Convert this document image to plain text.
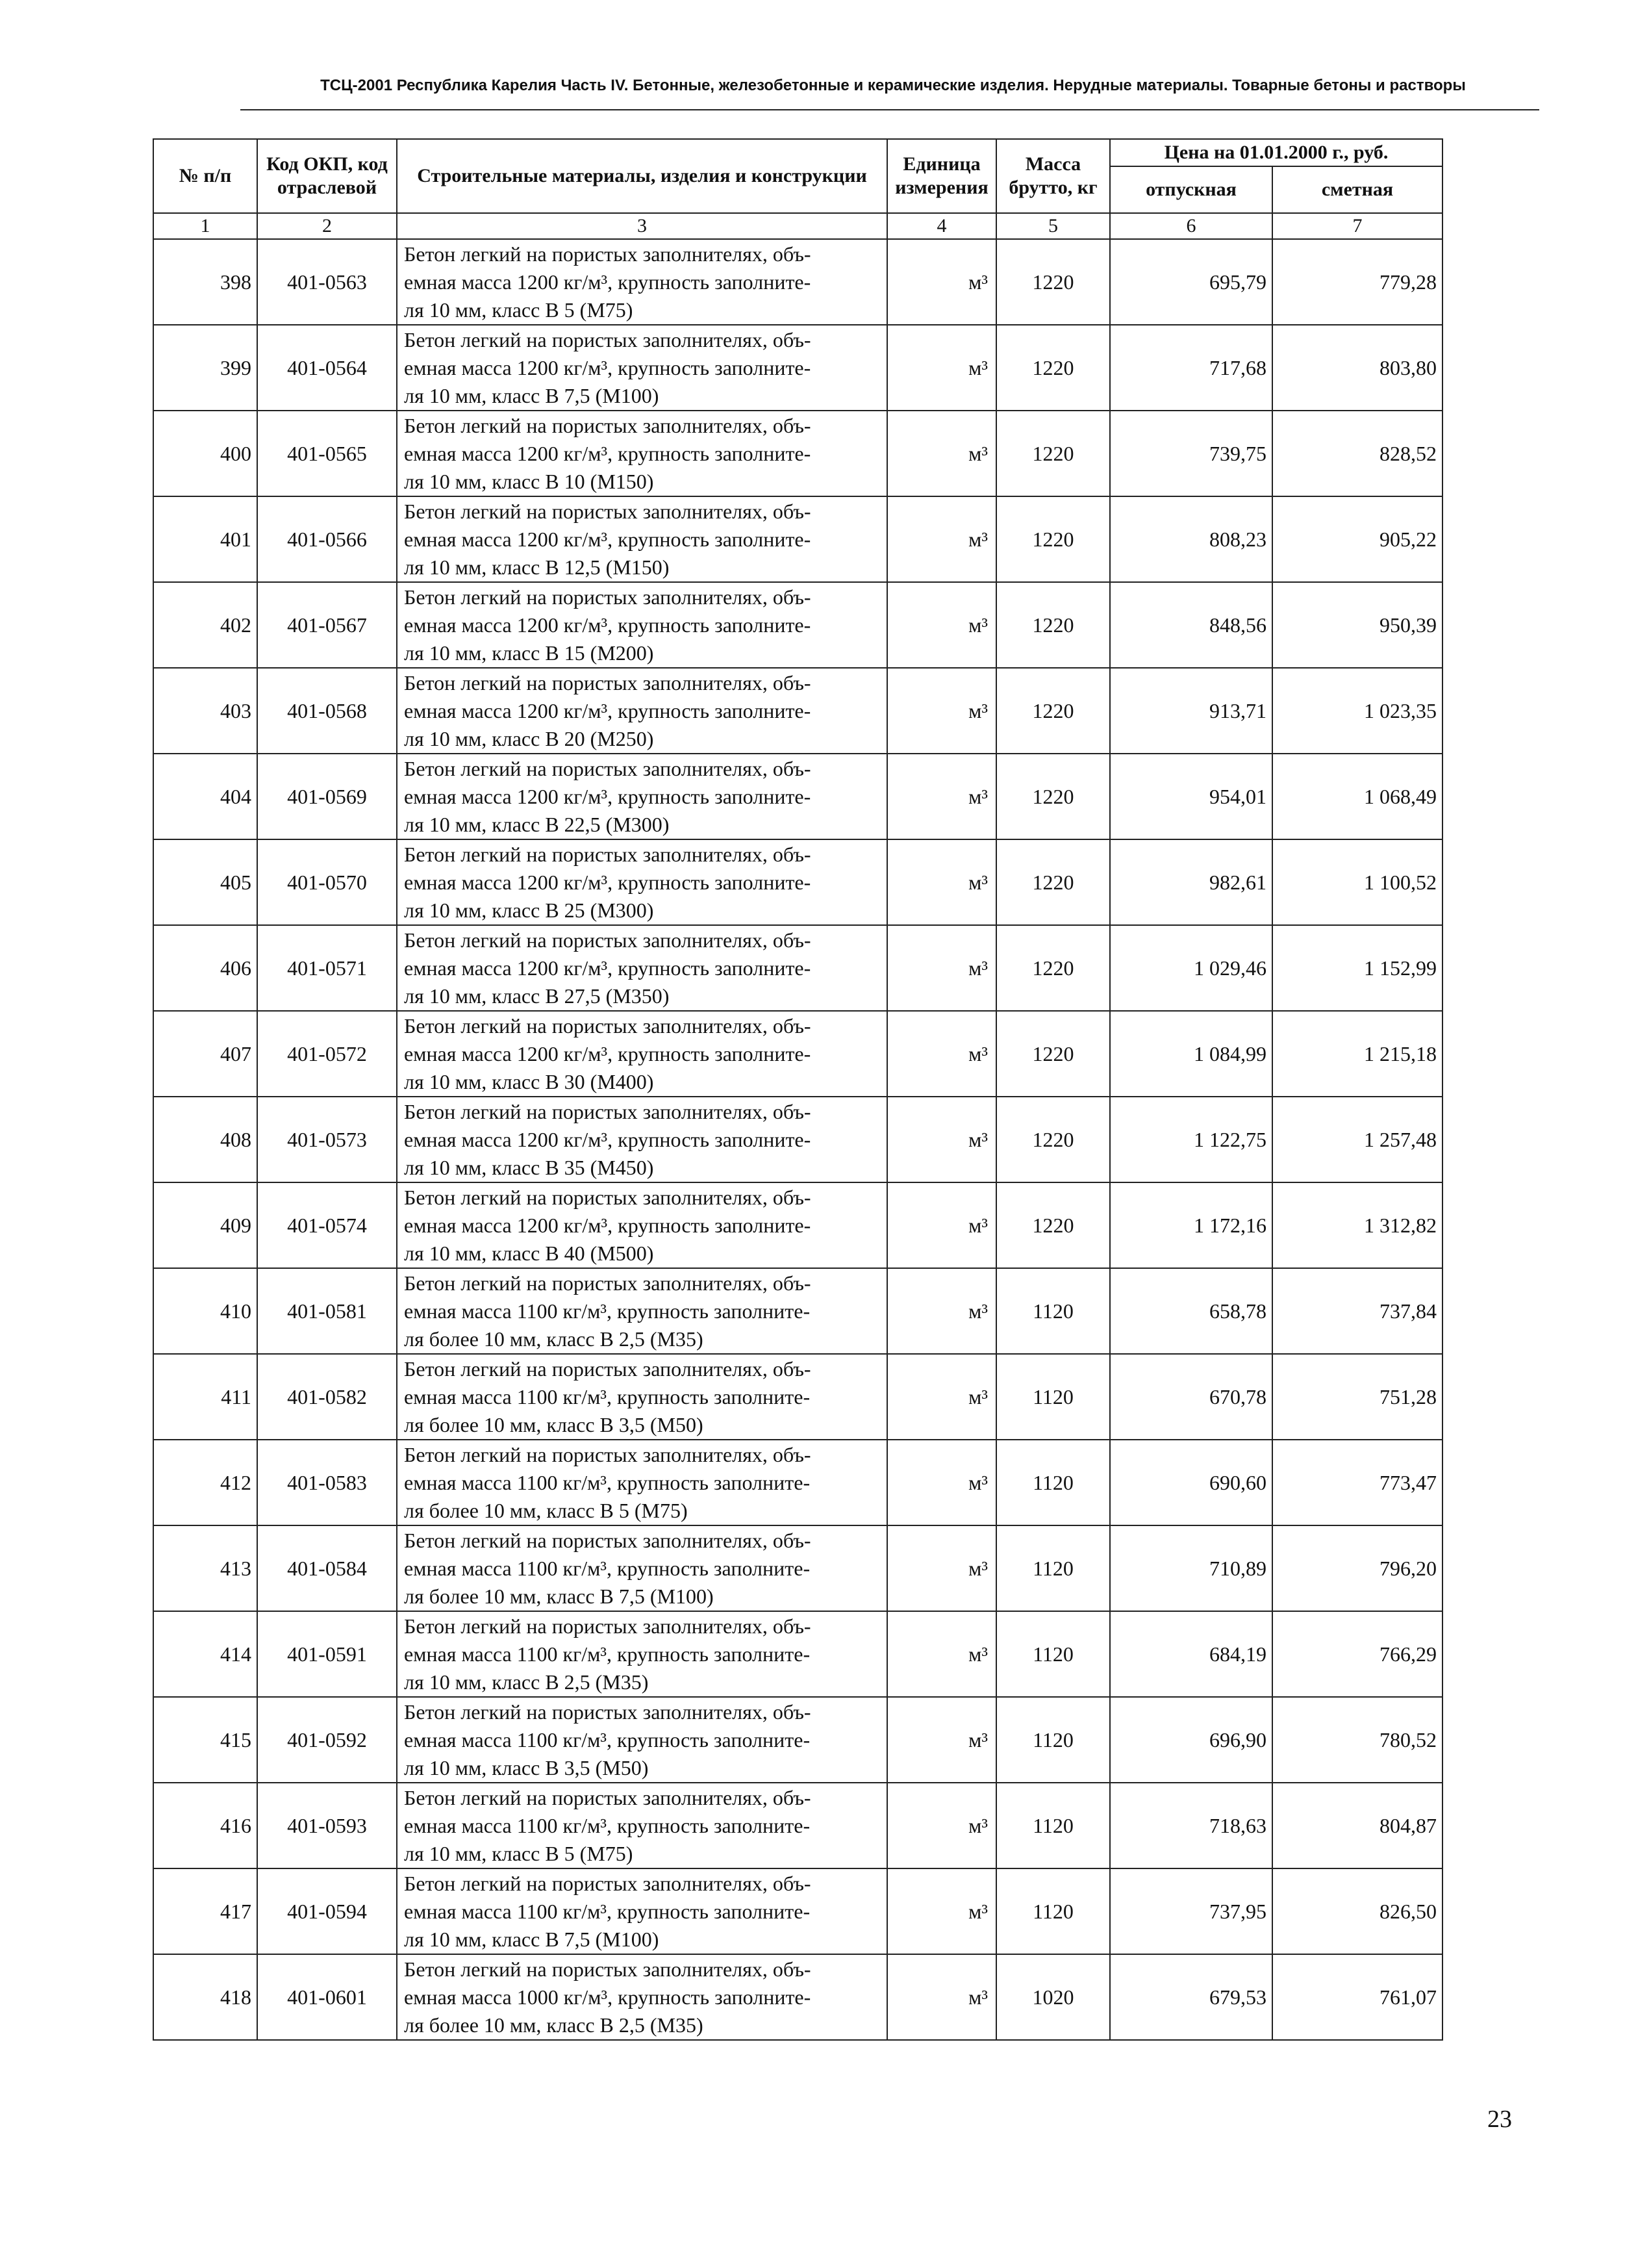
ТСЦ-2001 Республика Карелия Часть IV. Бетонные, железобетонные и керамические изделия. Нерудные материалы. Товарные бетоны и растворы
№ п/п	Код ОКП, код отраслевой	Строительные материалы, изделия и конструкции	Единица измерения	Масса брутто, кг	Цена на 01.01.2000 г., руб.	
					отпускная	сметная
1	2	3	4	5	6	7
398	401-0563	Бетон легкий на пористых заполнителях, объ-
емная масса 1200 кг/м³, крупность заполните-
ля 10 мм, класс В 5 (М75)	м³	1220	695,79	779,28
399	401-0564	Бетон легкий на пористых заполнителях, объ-
емная масса 1200 кг/м³, крупность заполните-
ля 10 мм, класс В 7,5 (М100)	м³	1220	717,68	803,80
400	401-0565	Бетон легкий на пористых заполнителях, объ-
емная масса 1200 кг/м³, крупность заполните-
ля 10 мм, класс В 10 (М150)	м³	1220	739,75	828,52
401	401-0566	Бетон легкий на пористых заполнителях, объ-
емная масса 1200 кг/м³, крупность заполните-
ля 10 мм, класс В 12,5 (М150)	м³	1220	808,23	905,22
402	401-0567	Бетон легкий на пористых заполнителях, объ-
емная масса 1200 кг/м³, крупность заполните-
ля 10 мм, класс В 15 (М200)	м³	1220	848,56	950,39
403	401-0568	Бетон легкий на пористых заполнителях, объ-
емная масса 1200 кг/м³, крупность заполните-
ля 10 мм, класс В 20 (М250)	м³	1220	913,71	1 023,35
404	401-0569	Бетон легкий на пористых заполнителях, объ-
емная масса 1200 кг/м³, крупность заполните-
ля 10 мм, класс В 22,5 (М300)	м³	1220	954,01	1 068,49
405	401-0570	Бетон легкий на пористых заполнителях, объ-
емная масса 1200 кг/м³, крупность заполните-
ля 10 мм, класс В 25 (М300)	м³	1220	982,61	1 100,52
406	401-0571	Бетон легкий на пористых заполнителях, объ-
емная масса 1200 кг/м³, крупность заполните-
ля 10 мм, класс В 27,5 (М350)	м³	1220	1 029,46	1 152,99
407	401-0572	Бетон легкий на пористых заполнителях, объ-
емная масса 1200 кг/м³, крупность заполните-
ля 10 мм, класс В 30 (М400)	м³	1220	1 084,99	1 215,18
408	401-0573	Бетон легкий на пористых заполнителях, объ-
емная масса 1200 кг/м³, крупность заполните-
ля 10 мм, класс В 35 (М450)	м³	1220	1 122,75	1 257,48
409	401-0574	Бетон легкий на пористых заполнителях, объ-
емная масса 1200 кг/м³, крупность заполните-
ля 10 мм, класс В 40 (М500)	м³	1220	1 172,16	1 312,82
410	401-0581	Бетон легкий на пористых заполнителях, объ-
емная масса 1100 кг/м³, крупность заполните-
ля более 10 мм, класс В 2,5 (М35)	м³	1120	658,78	737,84
411	401-0582	Бетон легкий на пористых заполнителях, объ-
емная масса 1100 кг/м³, крупность заполните-
ля более 10 мм, класс В 3,5 (М50)	м³	1120	670,78	751,28
412	401-0583	Бетон легкий на пористых заполнителях, объ-
емная масса 1100 кг/м³, крупность заполните-
ля более 10 мм, класс В 5 (М75)	м³	1120	690,60	773,47
413	401-0584	Бетон легкий на пористых заполнителях, объ-
емная масса 1100 кг/м³, крупность заполните-
ля более 10 мм, класс В 7,5 (М100)	м³	1120	710,89	796,20
414	401-0591	Бетон легкий на пористых заполнителях, объ-
емная масса 1100 кг/м³, крупность заполните-
ля 10 мм, класс В 2,5 (М35)	м³	1120	684,19	766,29
415	401-0592	Бетон легкий на пористых заполнителях, объ-
емная масса 1100 кг/м³, крупность заполните-
ля 10 мм, класс В 3,5 (М50)	м³	1120	696,90	780,52
416	401-0593	Бетон легкий на пористых заполнителях, объ-
емная масса 1100 кг/м³, крупность заполните-
ля 10 мм, класс В 5 (М75)	м³	1120	718,63	804,87
417	401-0594	Бетон легкий на пористых заполнителях, объ-
емная масса 1100 кг/м³, крупность заполните-
ля 10 мм, класс В 7,5 (М100)	м³	1120	737,95	826,50
418	401-0601	Бетон легкий на пористых заполнителях, объ-
емная масса 1000 кг/м³, крупность заполните-
ля более 10 мм, класс В 2,5 (М35)	м³	1020	679,53	761,07
23
